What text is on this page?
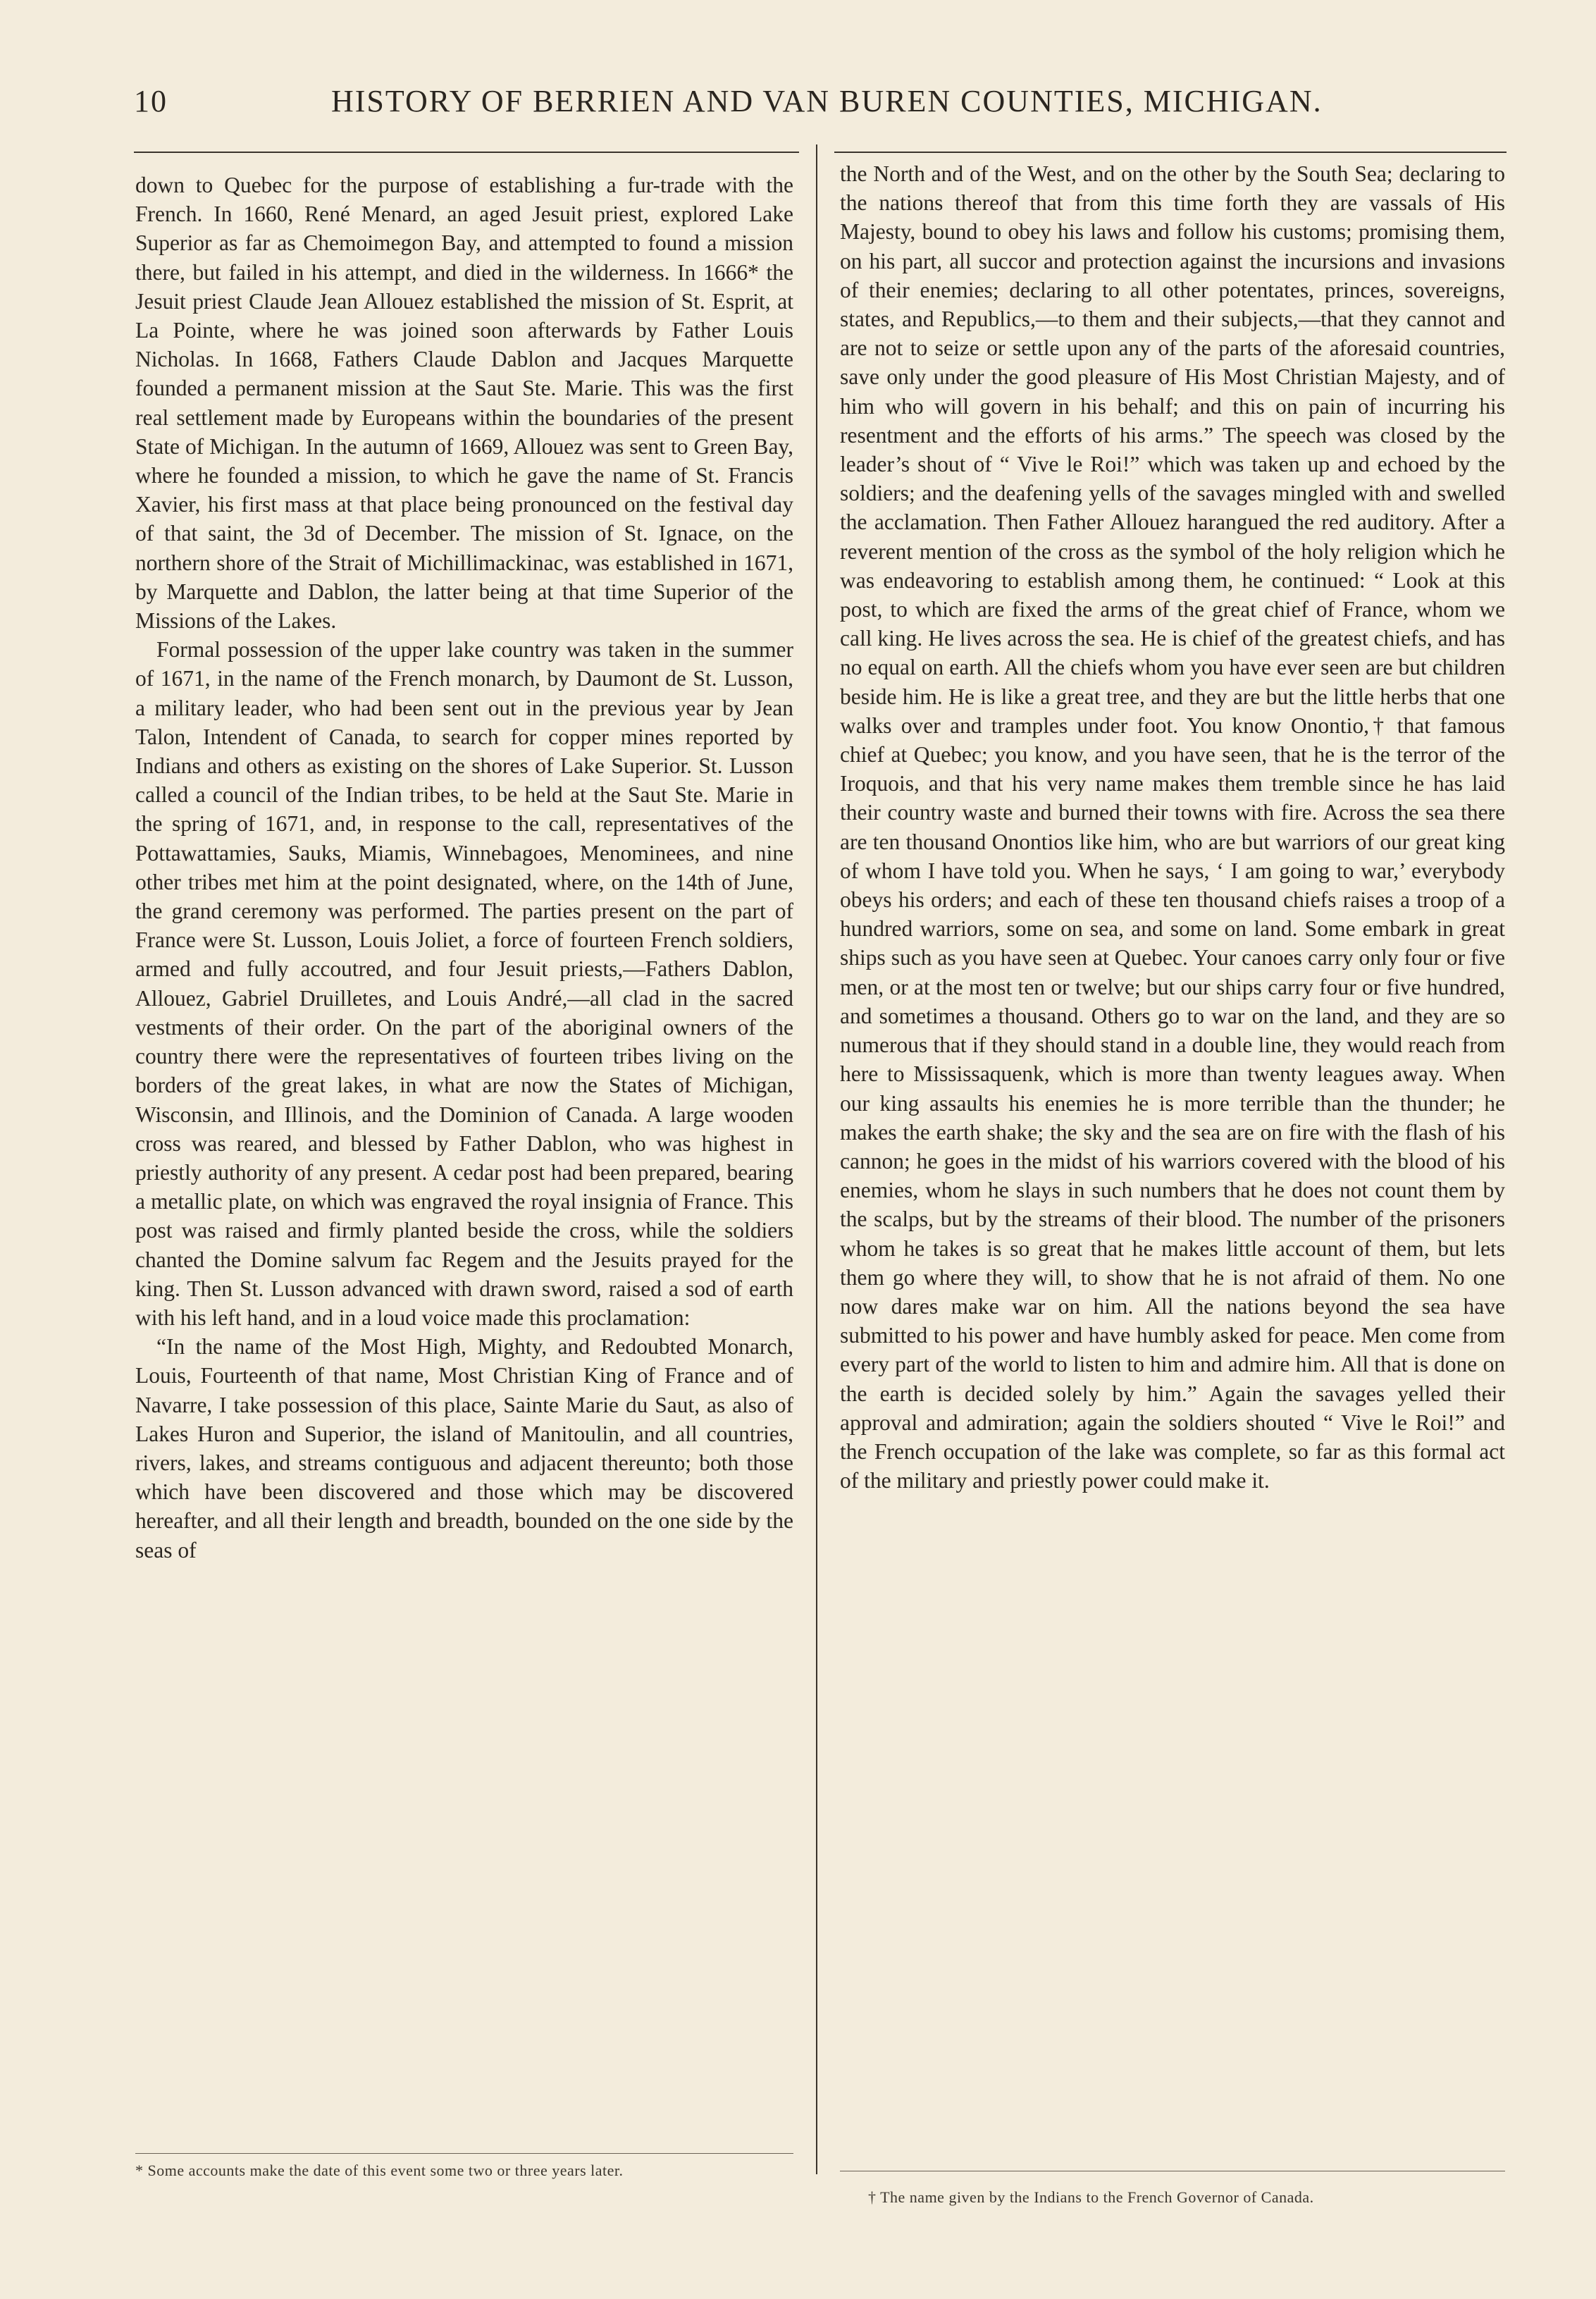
10	HISTORY OF BERRIEN AND VAN BUREN COUNTIES, MICHIGAN.

down to Quebec for the purpose of establishing a fur-trade with the French. In 1660, René Menard, an aged Jesuit priest, explored Lake Superior as far as Chemoimegon Bay, and attempted to found a mission there, but failed in his attempt, and died in the wilderness. In 1666* the Jesuit priest Claude Jean Allouez established the mission of St. Esprit, at La Pointe, where he was joined soon afterwards by Father Louis Nicholas. In 1668, Fathers Claude Dablon and Jacques Marquette founded a permanent mission at the Saut Ste. Marie. This was the first real settlement made by Europeans within the boundaries of the present State of Michigan. In the autumn of 1669, Allouez was sent to Green Bay, where he founded a mission, to which he gave the name of St. Francis Xavier, his first mass at that place being pronounced on the festival day of that saint, the 3d of December. The mission of St. Ignace, on the northern shore of the Strait of Michillimackinac, was established in 1671, by Marquette and Dablon, the latter being at that time Superior of the Missions of the Lakes.

Formal possession of the upper lake country was taken in the summer of 1671, in the name of the French monarch, by Daumont de St. Lusson, a military leader, who had been sent out in the previous year by Jean Talon, Intendent of Canada, to search for copper mines reported by Indians and others as existing on the shores of Lake Superior. St. Lusson called a council of the Indian tribes, to be held at the Saut Ste. Marie in the spring of 1671, and, in response to the call, representatives of the Pottawattamies, Sauks, Miamis, Winnebagoes, Menominees, and nine other tribes met him at the point designated, where, on the 14th of June, the grand ceremony was performed. The parties present on the part of France were St. Lusson, Louis Joliet, a force of fourteen French soldiers, armed and fully accoutred, and four Jesuit priests,—Fathers Dablon, Allouez, Gabriel Druilletes, and Louis André,—all clad in the sacred vestments of their order. On the part of the aboriginal owners of the country there were the representatives of fourteen tribes living on the borders of the great lakes, in what are now the States of Michigan, Wisconsin, and Illinois, and the Dominion of Canada. A large wooden cross was reared, and blessed by Father Dablon, who was highest in priestly authority of any present. A cedar post had been prepared, bearing a metallic plate, on which was engraved the royal insignia of France. This post was raised and firmly planted beside the cross, while the soldiers chanted the Domine salvum fac Regem and the Jesuits prayed for the king. Then St. Lusson advanced with drawn sword, raised a sod of earth with his left hand, and in a loud voice made this proclamation:

“In the name of the Most High, Mighty, and Redoubted Monarch, Louis, Fourteenth of that name, Most Christian King of France and of Navarre, I take possession of this place, Sainte Marie du Saut, as also of Lakes Huron and Superior, the island of Manitoulin, and all countries, rivers, lakes, and streams contiguous and adjacent thereunto; both those which have been discovered and those which may be discovered hereafter, and all their length and breadth, bounded on the one side by the seas of

the North and of the West, and on the other by the South Sea; declaring to the nations thereof that from this time forth they are vassals of His Majesty, bound to obey his laws and follow his customs; promising them, on his part, all succor and protection against the incursions and invasions of their enemies; declaring to all other potentates, princes, sovereigns, states, and Republics,—to them and their subjects,—that they cannot and are not to seize or settle upon any of the parts of the aforesaid countries, save only under the good pleasure of His Most Christian Majesty, and of him who will govern in his behalf; and this on pain of incurring his resentment and the efforts of his arms.” The speech was closed by the leader’s shout of “ Vive le Roi!” which was taken up and echoed by the soldiers; and the deafening yells of the savages mingled with and swelled the acclamation. Then Father Allouez harangued the red auditory. After a reverent mention of the cross as the symbol of the holy religion which he was endeavoring to establish among them, he continued: “ Look at this post, to which are fixed the arms of the great chief of France, whom we call king. He lives across the sea. He is chief of the greatest chiefs, and has no equal on earth. All the chiefs whom you have ever seen are but children beside him. He is like a great tree, and they are but the little herbs that one walks over and tramples under foot. You know Onontio,† that famous chief at Quebec; you know, and you have seen, that he is the terror of the Iroquois, and that his very name makes them tremble since he has laid their country waste and burned their towns with fire. Across the sea there are ten thousand Onontios like him, who are but warriors of our great king of whom I have told you. When he says, ‘ I am going to war,’ everybody obeys his orders; and each of these ten thousand chiefs raises a troop of a hundred warriors, some on sea, and some on land. Some embark in great ships such as you have seen at Quebec. Your canoes carry only four or five men, or at the most ten or twelve; but our ships carry four or five hundred, and sometimes a thousand. Others go to war on the land, and they are so numerous that if they should stand in a double line, they would reach from here to Mississaquenk, which is more than twenty leagues away. When our king assaults his enemies he is more terrible than the thunder; he makes the earth shake; the sky and the sea are on fire with the flash of his cannon; he goes in the midst of his warriors covered with the blood of his enemies, whom he slays in such numbers that he does not count them by the scalps, but by the streams of their blood. The number of the prisoners whom he takes is so great that he makes little account of them, but lets them go where they will, to show that he is not afraid of them. No one now dares make war on him. All the nations beyond the sea have submitted to his power and have humbly asked for peace. Men come from every part of the world to listen to him and admire him. All that is done on the earth is decided solely by him.” Again the savages yelled their approval and admiration; again the soldiers shouted “ Vive le Roi!” and the French occupation of the lake was complete, so far as this formal act of the military and priestly power could make it.

* Some accounts make the date of this event some two or three years later.
† The name given by the Indians to the French Governor of Canada.
